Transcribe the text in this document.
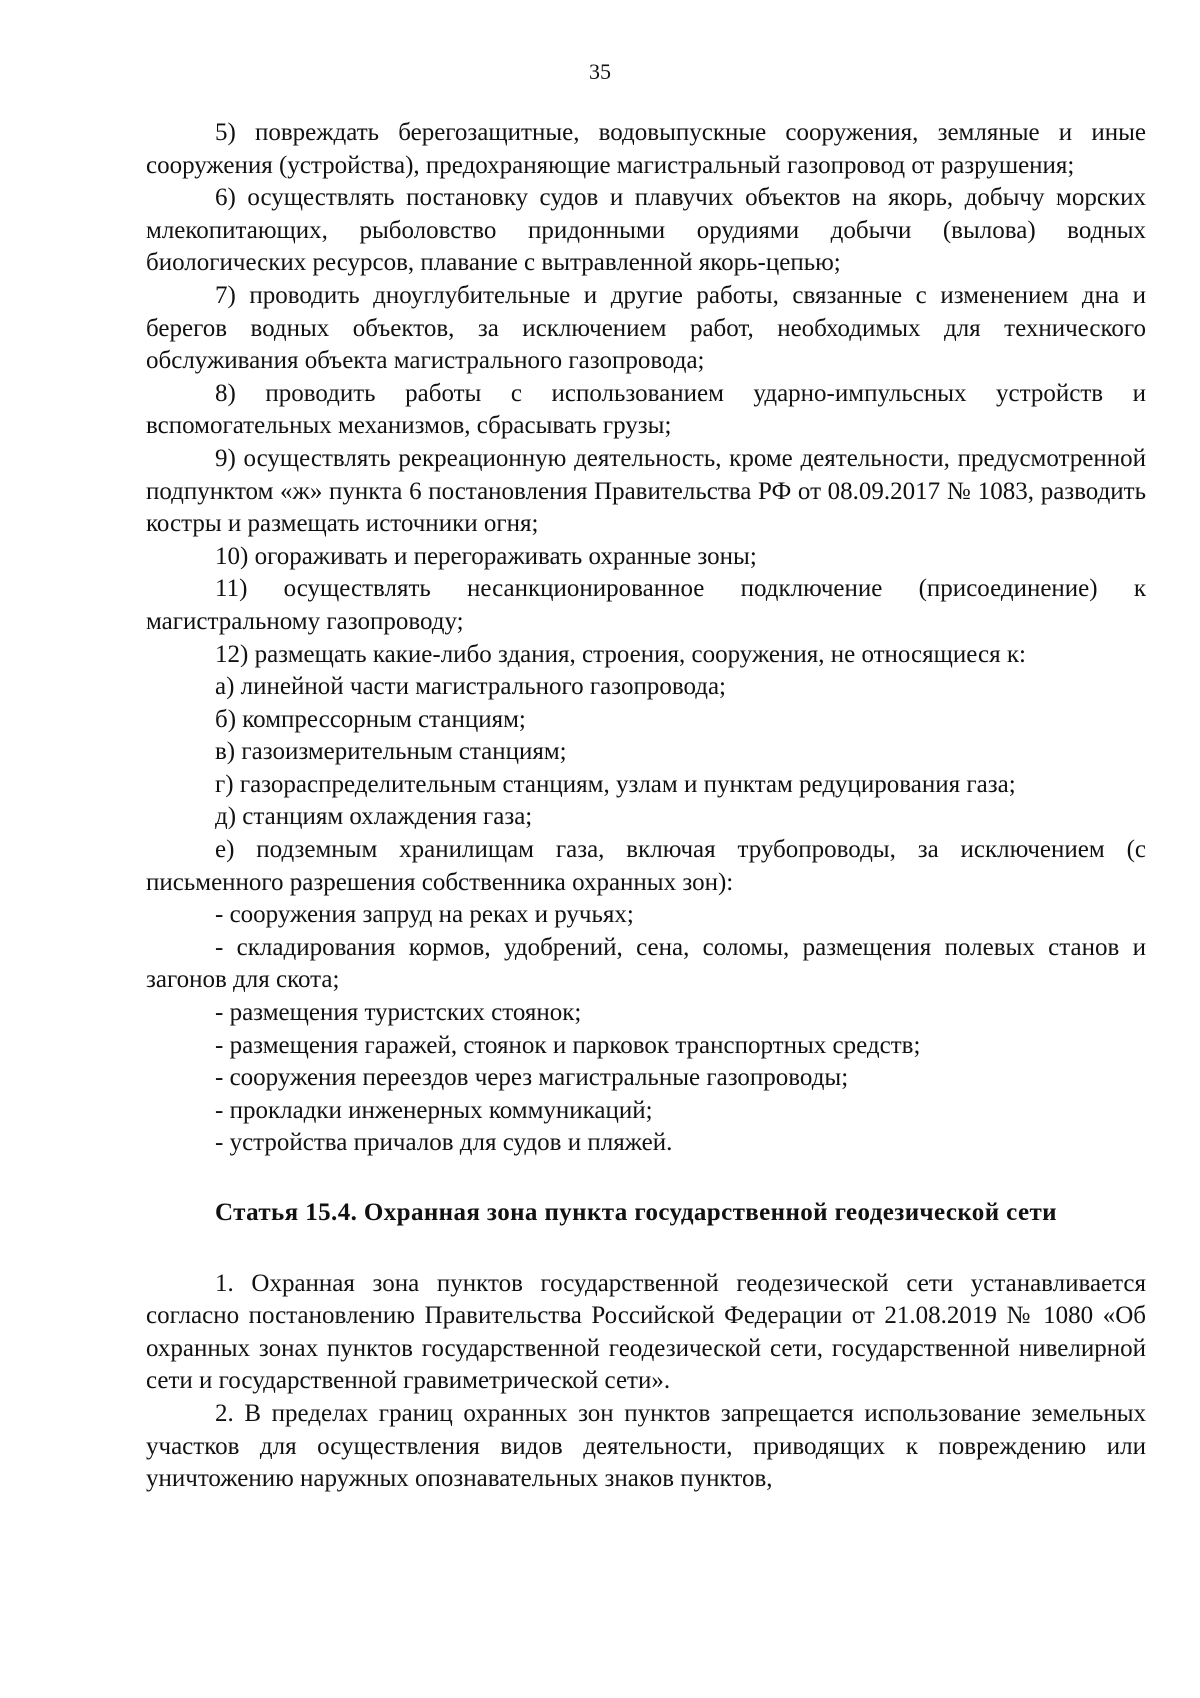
35
5) повреждать берегозащитные, водовыпускные сооружения, земляные и иные сооружения (устройства), предохраняющие магистральный газопровод от разрушения;
6) осуществлять постановку судов и плавучих объектов на якорь, добычу морских млекопитающих, рыболовство придонными орудиями добычи (вылова) водных биологических ресурсов, плавание с вытравленной якорь-цепью;
7) проводить дноуглубительные и другие работы, связанные с изменением дна и берегов водных объектов, за исключением работ, необходимых для технического обслуживания объекта магистрального газопровода;
8) проводить работы с использованием ударно-импульсных устройств и вспомогательных механизмов, сбрасывать грузы;
9) осуществлять рекреационную деятельность, кроме деятельности, предусмотренной подпунктом «ж» пункта 6 постановления Правительства РФ от 08.09.2017 № 1083, разводить костры и размещать источники огня;
10) огораживать и перегораживать охранные зоны;
11) осуществлять несанкционированное подключение (присоединение) к магистральному газопроводу;
12) размещать какие-либо здания, строения, сооружения, не относящиеся к:
а) линейной части магистрального газопровода;
б) компрессорным станциям;
в) газоизмерительным станциям;
г) газораспределительным станциям, узлам и пунктам редуцирования газа;
д) станциям охлаждения газа;
е) подземным хранилищам газа, включая трубопроводы, за исключением (с письменного разрешения собственника охранных зон):
- сооружения запруд на реках и ручьях;
- складирования кормов, удобрений, сена, соломы, размещения полевых станов и загонов для скота;
- размещения туристских стоянок;
- размещения гаражей, стоянок и парковок транспортных средств;
- сооружения переездов через магистральные газопроводы;
- прокладки инженерных коммуникаций;
- устройства причалов для судов и пляжей.
Статья 15.4. Охранная зона пункта государственной геодезической сети
1. Охранная зона пунктов государственной геодезической сети устанавливается согласно постановлению Правительства Российской Федерации от 21.08.2019 № 1080 «Об охранных зонах пунктов государственной геодезической сети, государственной нивелирной сети и государственной гравиметрической сети».
2. В пределах границ охранных зон пунктов запрещается использование земельных участков для осуществления видов деятельности, приводящих к повреждению или уничтожению наружных опознавательных знаков пунктов,
